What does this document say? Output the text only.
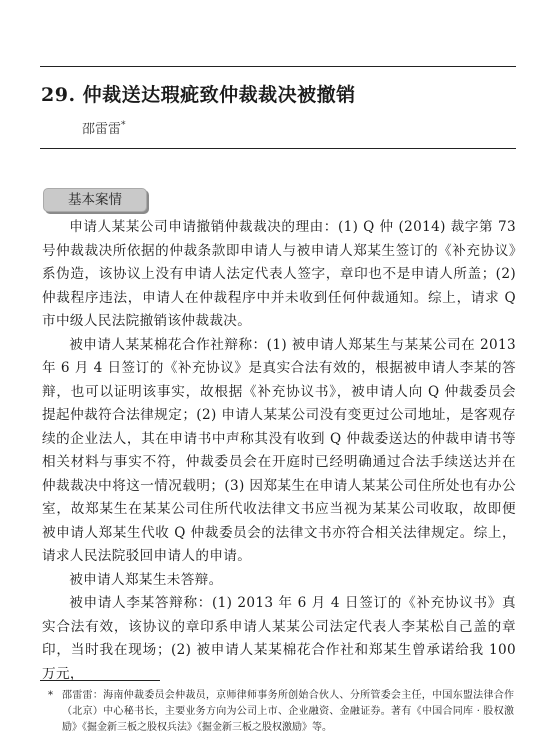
29. 仲裁送达瑕疵致仲裁裁决被撤销
邵雷雷*
基本案情

申请人某某公司申请撤销仲裁裁决的理由：(1) Q 仲 (2014) 裁字第 73 号仲裁裁决所依据的仲裁条款即申请人与被申请人郑某生签订的《补充协议》系伪造，该协议上没有申请人法定代表人签字，章印也不是申请人所盖；(2) 仲裁程序违法，申请人在仲裁程序中并未收到任何仲裁通知。综上，请求 Q 市中级人民法院撤销该仲裁裁决。

被申请人某某棉花合作社辩称：(1) 被申请人郑某生与某某公司在 2013 年 6 月 4 日签订的《补充协议》是真实合法有效的，根据被申请人李某的答辩，也可以证明该事实，故根据《补充协议书》，被申请人向 Q 仲裁委员会提起仲裁符合法律规定；(2) 申请人某某公司没有变更过公司地址，是客观存续的企业法人，其在申请书中声称其没有收到 Q 仲裁委送达的仲裁申请书等相关材料与事实不符，仲裁委员会在开庭时已经明确通过合法手续送达并在仲裁裁决中将这一情况载明；(3) 因郑某生在申请人某某公司住所处也有办公室，故郑某生在某某公司住所代收法律文书应当视为某某公司收取，故即便被申请人郑某生代收 Q 仲裁委员会的法律文书亦符合相关法律规定。综上，请求人民法院驳回申请人的申请。

被申请人郑某生未答辩。

被申请人李某答辩称：(1) 2013 年 6 月 4 日签订的《补充协议书》真实合法有效，该协议的章印系申请人某某公司法定代表人李某松自己盖的章印，当时我在现场；(2) 被申请人某某棉花合作社和郑某生曾承诺给我 100 万元，

* 邵雷雷：海南仲裁委员会仲裁员，京师律师事务所创始合伙人、分所管委会主任，中国东盟法律合作（北京）中心秘书长，主要业务方向为公司上市、企业融资、金融证券。著有《中国合同库 · 股权激励》《掘金新三板之股权兵法》《掘金新三板之股权激励》等。
